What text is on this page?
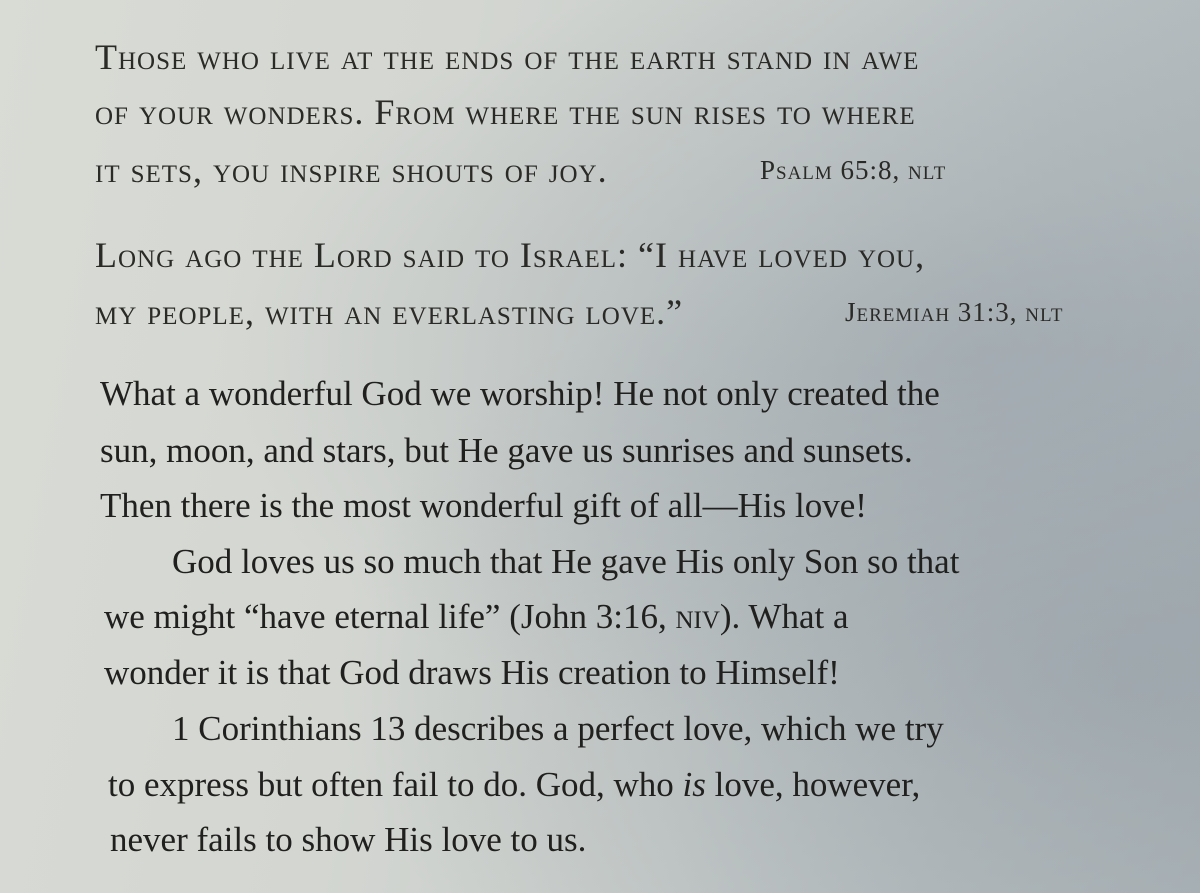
Those who live at the ends of the earth stand in awe
of your wonders. From where the sun rises to where
it sets, you inspire shouts of joy.	Psalm 65:8, nlt
Long ago the Lord said to Israel: “I have loved you,
my people, with an everlasting love.”	Jeremiah 31:3, nlt
What a wonderful God we worship! He not only created the
sun, moon, and stars, but He gave us sunrises and sunsets.
Then there is the most wonderful gift of all—His love!
God loves us so much that He gave His only Son so that
we might “have eternal life” (John 3:16, niv). What a
wonder it is that God draws His creation to Himself!
1 Corinthians 13 describes a perfect love, which we try
to express but often fail to do. God, who is love, however,
never fails to show His love to us.
